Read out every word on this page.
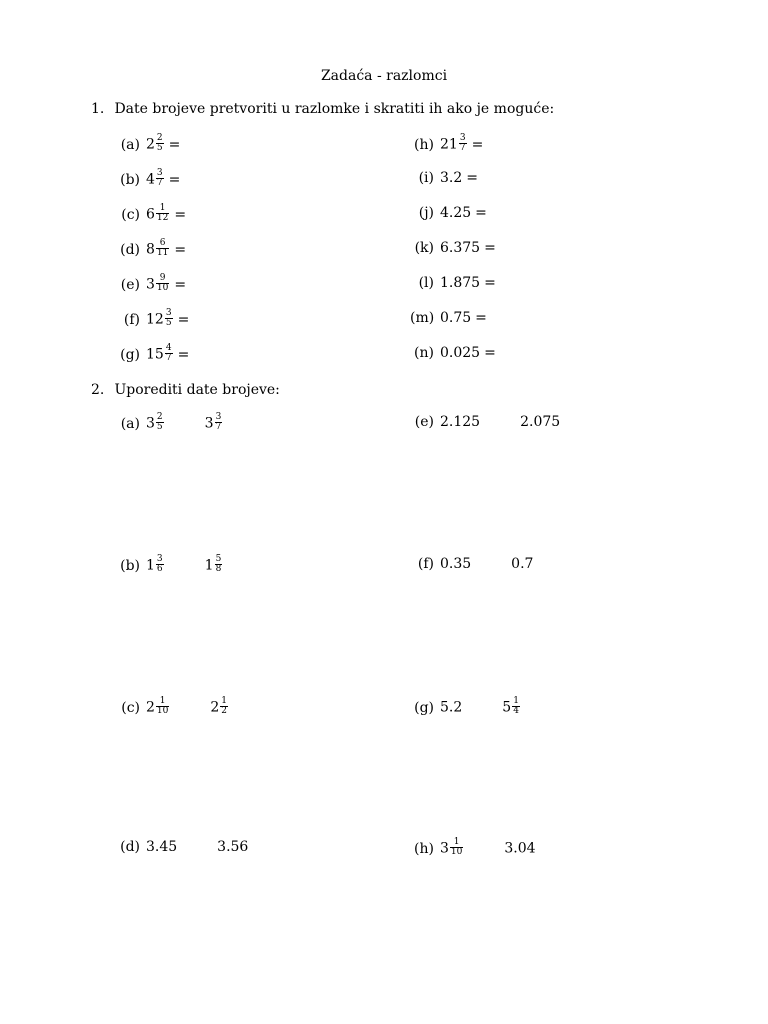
Zadaća - razlomci
1. Date brojeve pretvoriti u razlomke i skratiti ih ako je moguće:
(a) $2 \frac{2}{5}$ =
(b) $4 \frac{3}{7}$ =
(c) $6 \frac{1}{12}$ =
(d) $8 \frac{6}{11}$ =
(e) $3 \frac{9}{10}$ =
(f) $12 \frac{3}{5}$ =
(g) $15 \frac{4}{7}$ =
(h) $21 \frac{3}{7}$ =
(i) 3.2 =
(j) 4.25 =
(k) 6.375 =
(l) 1.875 =
(m) 0.75 =
(n) 0.025 =
2. Uporediti date brojeve:
(a) $3 \frac{2}{5}$	$3 \frac{3}{7}$
(b) $1 \frac{3}{6}$	$1 \frac{5}{8}$
(c) $2 \frac{1}{10}$	$2 \frac{1}{2}$
(d) 3.45	3.56
(e) 2.125	2.075
(f) 0.35	0.7
(g) 5.2	$5 \frac{1}{4}$
(h) $3 \frac{1}{10}$	3.04
